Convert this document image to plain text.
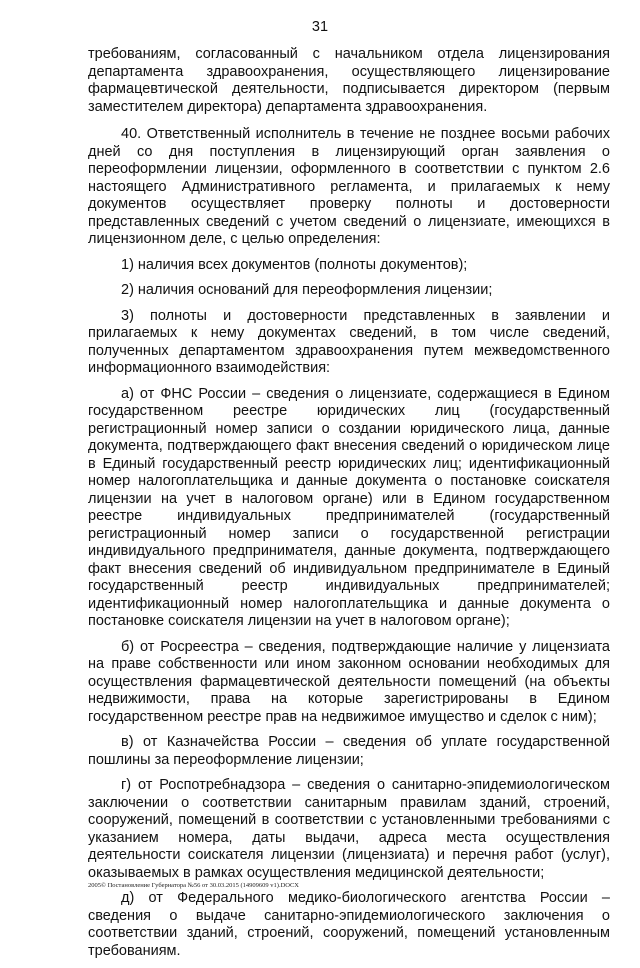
31

требованиям, согласованный с начальником отдела лицензирования департамента здравоохранения, осуществляющего лицензирование фармацевтической деятельности, подписывается директором (первым заместителем директора) департамента здравоохранения.

40. Ответственный исполнитель в течение не позднее восьми рабочих дней со дня поступления в лицензирующий орган заявления о переоформлении лицензии, оформленного в соответствии с пунктом 2.6 настоящего Административного регламента, и прилагаемых к нему документов осуществляет проверку полноты и достоверности представленных сведений с учетом сведений о лицензиате, имеющихся в лицензионном деле, с целью определения:

1) наличия всех документов (полноты документов);

2) наличия оснований для переоформления лицензии;

3) полноты и достоверности представленных в заявлении и прилагаемых к нему документах сведений, в том числе сведений, полученных департаментом здравоохранения путем межведомственного информационного взаимодействия:

а) от ФНС России – сведения о лицензиате, содержащиеся в Едином государственном реестре юридических лиц (государственный регистрационный номер записи о создании юридического лица, данные документа, подтверждающего факт внесения сведений о юридическом лице в Единый государственный реестр юридических лиц; идентификационный номер налогоплательщика и данные документа о постановке соискателя лицензии на учет в налоговом органе) или в Едином государственном реестре индивидуальных предпринимателей (государственный регистрационный номер записи о государственной регистрации индивидуального предпринимателя, данные документа, подтверждающего факт внесения сведений об индивидуальном предпринимателе в Единый государственный реестр индивидуальных предпринимателей; идентификационный номер налогоплательщика и данные документа о постановке соискателя лицензии на учет в налоговом органе);

б) от Росреестра – сведения, подтверждающие наличие у лицензиата на праве собственности или ином законном основании необходимых для осуществления фармацевтической деятельности помещений (на объекты недвижимости, права на которые зарегистрированы в Едином государственном реестре прав на недвижимое имущество и сделок с ним);

в) от Казначейства России – сведения об уплате государственной пошлины за переоформление лицензии;

г) от Роспотребнадзора – сведения о санитарно-эпидемиологическом заключении о соответствии санитарным правилам зданий, строений, сооружений, помещений в соответствии с установленными требованиями с указанием номера, даты выдачи, адреса места осуществления деятельности соискателя лицензии (лицензиата) и перечня работ (услуг), оказываемых в рамках осуществления медицинской деятельности;

д) от Федерального медико-биологического агентства России – сведения о выдаче санитарно-эпидемиологического заключения о соответствии зданий, строений, сооружений, помещений установленным требованиям.

2005© Постановление Губернатора №56 от 30.03.2015 (14909609 v1).DOCX
